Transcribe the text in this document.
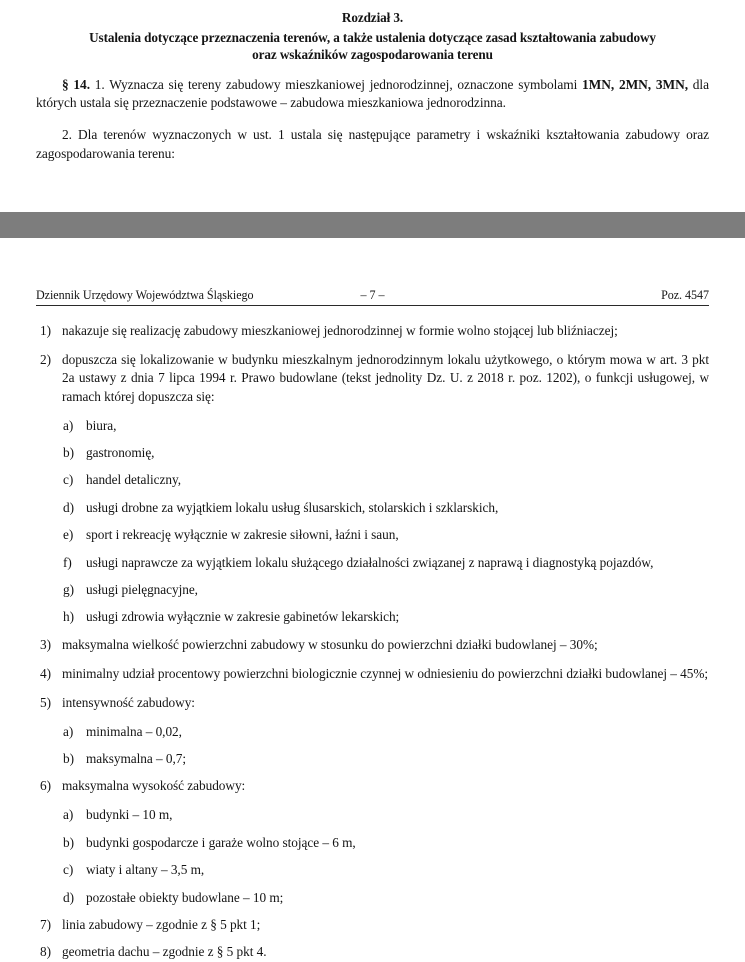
Rozdział 3.
Ustalenia dotyczące przeznaczenia terenów, a także ustalenia dotyczące zasad kształtowania zabudowy
oraz wskaźników zagospodarowania terenu

§ 14. 1. Wyznacza się tereny zabudowy mieszkaniowej jednorodzinnej, oznaczone symbolami 1MN, 2MN, 3MN, dla których ustala się przeznaczenie podstawowe – zabudowa mieszkaniowa jednorodzinna.

2. Dla terenów wyznaczonych w ust. 1 ustala się następujące parametry i wskaźniki kształtowania zabudowy oraz zagospodarowania terenu:

Dziennik Urzędowy Województwa Śląskiego	– 7 –	Poz. 4547
1) nakazuje się realizację zabudowy mieszkaniowej jednorodzinnej w formie wolno stojącej lub bliźniaczej;
2) dopuszcza się lokalizowanie w budynku mieszkalnym jednorodzinnym lokalu użytkowego, o którym mowa w art. 3 pkt 2a ustawy z dnia 7 lipca 1994 r. Prawo budowlane (tekst jednolity Dz. U. z 2018 r. poz. 1202), o funkcji usługowej, w ramach której dopuszcza się:
a) biura,
b) gastronomię,
c) handel detaliczny,
d) usługi drobne za wyjątkiem lokalu usług ślusarskich, stolarskich i szklarskich,
e) sport i rekreację wyłącznie w zakresie siłowni, łaźni i saun,
f) usługi naprawcze za wyjątkiem lokalu służącego działalności związanej z naprawą i diagnostyką pojazdów,
g) usługi pielęgnacyjne,
h) usługi zdrowia wyłącznie w zakresie gabinetów lekarskich;
3) maksymalna wielkość powierzchni zabudowy w stosunku do powierzchni działki budowlanej – 30%;
4) minimalny udział procentowy powierzchni biologicznie czynnej w odniesieniu do powierzchni działki budowlanej – 45%;
5) intensywność zabudowy:
a) minimalna – 0,02,
b) maksymalna – 0,7;
6) maksymalna wysokość zabudowy:
a) budynki – 10 m,
b) budynki gospodarcze i garaże wolno stojące – 6 m,
c) wiaty i altany – 3,5 m,
d) pozostałe obiekty budowlane – 10 m;
7) linia zabudowy – zgodnie z § 5 pkt 1;
8) geometria dachu – zgodnie z § 5 pkt 4.
